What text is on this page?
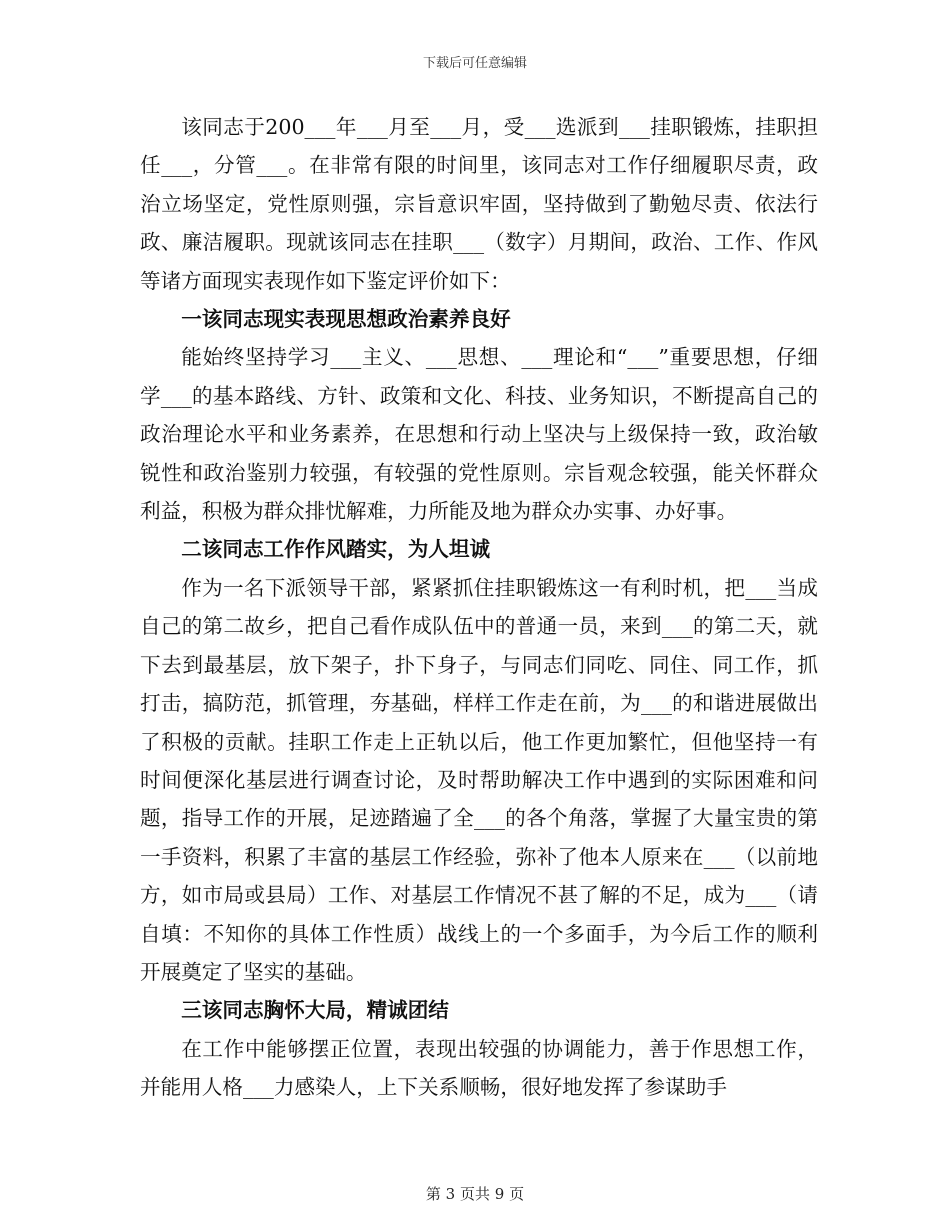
下载后可任意编辑

该同志于200___年___月至___月，受___选派到___挂职锻炼，挂职担任___，分管___。在非常有限的时间里，该同志对工作仔细履职尽责，政治立场坚定，党性原则强，宗旨意识牢固，坚持做到了勤勉尽责、依法行政、廉洁履职。现就该同志在挂职___（数字）月期间，政治、工作、作风等诸方面现实表现作如下鉴定评价如下：

一该同志现实表现思想政治素养良好

能始终坚持学习___主义、___思想、___理论和“___”重要思想，仔细学___的基本路线、方针、政策和文化、科技、业务知识，不断提高自己的政治理论水平和业务素养，在思想和行动上坚决与上级保持一致，政治敏锐性和政治鉴别力较强，有较强的党性原则。宗旨观念较强，能关怀群众利益，积极为群众排忧解难，力所能及地为群众办实事、办好事。

二该同志工作作风踏实，为人坦诚

作为一名下派领导干部，紧紧抓住挂职锻炼这一有利时机，把___当成自己的第二故乡，把自己看作成队伍中的普通一员，来到___的第二天，就下去到最基层，放下架子，扑下身子，与同志们同吃、同住、同工作，抓打击，搞防范，抓管理，夯基础，样样工作走在前，为___的和谐进展做出了积极的贡献。挂职工作走上正轨以后，他工作更加繁忙，但他坚持一有时间便深化基层进行调查讨论，及时帮助解决工作中遇到的实际困难和问题，指导工作的开展，足迹踏遍了全___的各个角落，掌握了大量宝贵的第一手资料，积累了丰富的基层工作经验，弥补了他本人原来在___（以前地方，如市局或县局）工作、对基层工作情况不甚了解的不足，成为___（请自填：不知你的具体工作性质）战线上的一个多面手，为今后工作的顺利开展奠定了坚实的基础。

三该同志胸怀大局，精诚团结

在工作中能够摆正位置，表现出较强的协调能力，善于作思想工作，并能用人格___力感染人，上下关系顺畅，很好地发挥了参谋助手

第 3 页共 9 页
